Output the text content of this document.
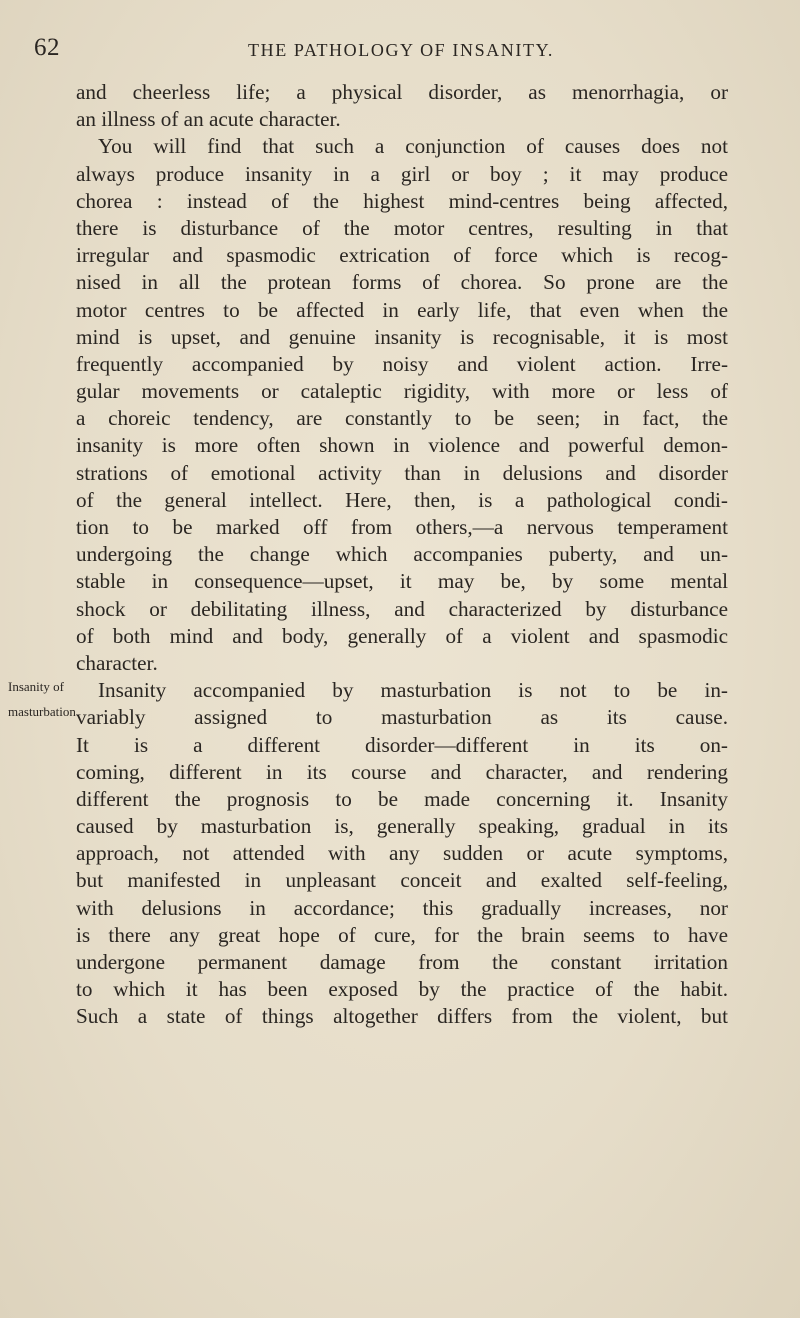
62	THE PATHOLOGY OF INSANITY.
Insanity of
masturbation.
and cheerless life; a physical disorder, as menorrhagia, or
an illness of an acute character.
You will find that such a conjunction of causes does not
always produce insanity in a girl or boy ; it may produce
chorea : instead of the highest mind-centres being affected,
there is disturbance of the motor centres, resulting in that
irregular and spasmodic extrication of force which is recog-
nised in all the protean forms of chorea. So prone are the
motor centres to be affected in early life, that even when the
mind is upset, and genuine insanity is recognisable, it is most
frequently accompanied by noisy and violent action. Irre-
gular movements or cataleptic rigidity, with more or less of
a choreic tendency, are constantly to be seen; in fact, the
insanity is more often shown in violence and powerful demon-
strations of emotional activity than in delusions and disorder
of the general intellect. Here, then, is a pathological condi-
tion to be marked off from others,—a nervous temperament
undergoing the change which accompanies puberty, and un-
stable in consequence—upset, it may be, by some mental
shock or debilitating illness, and characterized by disturbance
of both mind and body, generally of a violent and spasmodic
character.
Insanity accompanied by masturbation is not to be in-
variably assigned to masturbation as its cause.
It is a different disorder—different in its on-
coming, different in its course and character, and rendering
different the prognosis to be made concerning it. Insanity
caused by masturbation is, generally speaking, gradual in its
approach, not attended with any sudden or acute symptoms,
but manifested in unpleasant conceit and exalted self-feeling,
with delusions in accordance; this gradually increases, nor
is there any great hope of cure, for the brain seems to have
undergone permanent damage from the constant irritation
to which it has been exposed by the practice of the habit.
Such a state of things altogether differs from the violent, but
